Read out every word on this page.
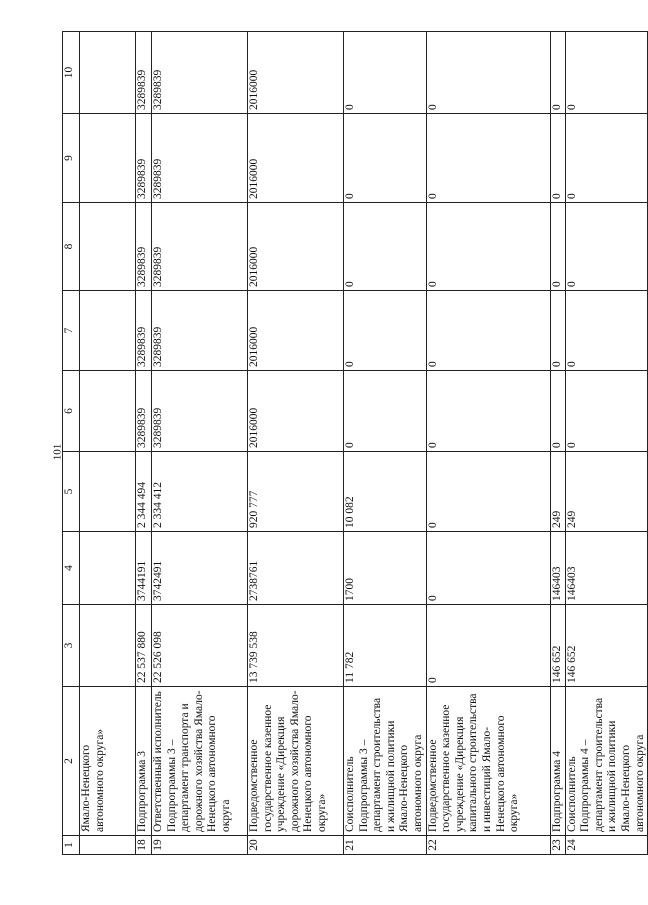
101
1	2	3	4	5	6	7	8	9	10
	Ямало-Ненецкого автономного округа»								
18	Подпрограмма 3	22 537 880	3744191	2 344 494	3289839	3289839	3289839	3289839	3289839
19	Ответственный исполнитель Подпрограммы 3 – департамент транспорта и дорожного хозяйства Ямало-Ненецкого автономного округа	22 526 098	3742491	2 334 412	3289839	3289839	3289839	3289839	3289839
20	Подведомственное государственное казенное учреждение «Дирекция дорожного хозяйства Ямало-Ненецкого автономного округа»	13 739 538	2738761	920 777	2016000	2016000	2016000	2016000	2016000
21	Соисполнитель Подпрограммы 3 – департамент строительства и жилищной политики Ямало-Ненецкого автономного округа	11 782	1700	10 082	0	0	0	0	0
22	Подведомственное государственное казенное учреждение «Дирекция капитального строительства и инвестиций Ямало-Ненецкого автономного округа»	0	0	0	0	0	0	0	0
23	Подпрограмма 4	146 652	146403	249	0	0	0	0	0
24	Соисполнитель Подпрограммы 4 – департамент строительства и жилищной политики Ямало-Ненецкого автономного округа	146 652	146403	249	0	0	0	0	0
